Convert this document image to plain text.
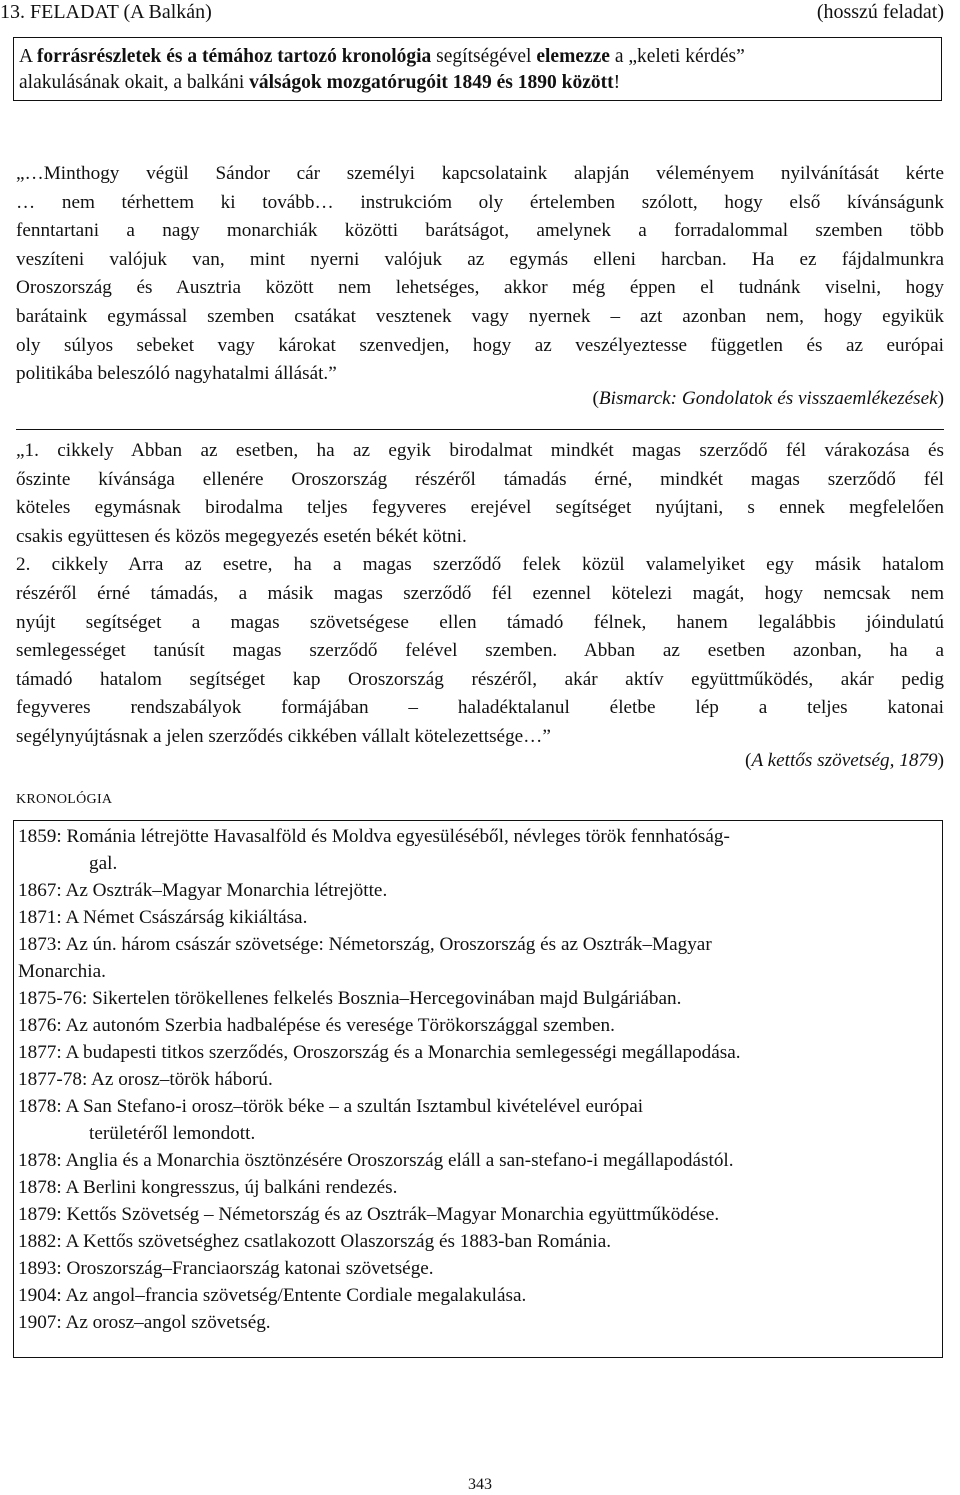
13. FELADAT (A Balkán)	(hosszú feladat)
A forrásrészletek és a témához tartozó kronológia segítségével elemezze a „keleti kérdés”
alakulásának okait, a balkáni válságok mozgatórugóit 1849 és 1890 között!
„…Minthogy végül Sándor cár személyi kapcsolataink alapján véleményem nyilvánítását kérte
… nem térhettem ki tovább… instrukcióm oly értelemben szólott, hogy első kívánságunk
fenntartani a nagy monarchiák közötti barátságot, amelynek a forradalommal szemben több
veszíteni valójuk van, mint nyerni valójuk az egymás elleni harcban. Ha ez fájdalmunkra
Oroszország és Ausztria között nem lehetséges, akkor még éppen el tudnánk viselni, hogy
barátaink egymással szemben csatákat vesztenek vagy nyernek – azt azonban nem, hogy egyikük
oly súlyos sebeket vagy károkat szenvedjen, hogy az veszélyeztesse független és az európai
politikába beleszóló nagyhatalmi állását.”
(Bismarck: Gondolatok és visszaemlékezések)
„1. cikkely Abban az esetben, ha az egyik birodalmat mindkét magas szerződő fél várakozása és
őszinte kívánsága ellenére Oroszország részéről támadás érné, mindkét magas szerződő fél
köteles egymásnak birodalma teljes fegyveres erejével segítséget nyújtani, s ennek megfelelően
csakis együttesen és közös megegyezés esetén békét kötni.
2. cikkely Arra az esetre, ha a magas szerződő felek közül valamelyiket egy másik hatalom
részéről érné támadás, a másik magas szerződő fél ezennel kötelezi magát, hogy nemcsak nem
nyújt segítséget a magas szövetségese ellen támadó félnek, hanem legalábbis jóindulatú
semlegességet tanúsít magas szerződő felével szemben. Abban az esetben azonban, ha a
támadó hatalom segítséget kap Oroszország részéről, akár aktív együttműködés, akár pedig
fegyveres rendszabályok formájában – haladéktalanul életbe lép a teljes katonai
segélynyújtásnak a jelen szerződés cikkében vállalt kötelezettsége…”
(A kettős szövetség, 1879)
KRONOLÓGIA
1859: Románia létrejötte Havasalföld és Moldva egyesüléséből, névleges török fennhatóság-
gal.
1867: Az Osztrák–Magyar Monarchia létrejötte.
1871: A Német Császárság kikiáltása.
1873: Az ún. három császár szövetsége: Németország, Oroszország és az Osztrák–Magyar
Monarchia.
1875-76: Sikertelen törökellenes felkelés Bosznia–Hercegovinában majd Bulgáriában.
1876: Az autonóm Szerbia hadbalépése és veresége Törökországgal szemben.
1877: A budapesti titkos szerződés, Oroszország és a Monarchia semlegességi megállapodása.
1877-78: Az orosz–török háború.
1878: A San Stefano-i orosz–török béke – a szultán Isztambul kivételével európai
területéről lemondott.
1878: Anglia és a Monarchia ösztönzésére Oroszország eláll a san-stefano-i megállapodástól.
1878: A Berlini kongresszus, új balkáni rendezés.
1879: Kettős Szövetség – Németország és az Osztrák–Magyar Monarchia együttműködése.
1882: A Kettős szövetséghez csatlakozott Olaszország és 1883-ban Románia.
1893: Oroszország–Franciaország katonai szövetsége.
1904: Az angol–francia szövetség/Entente Cordiale megalakulása.
1907: Az orosz–angol szövetség.
343
